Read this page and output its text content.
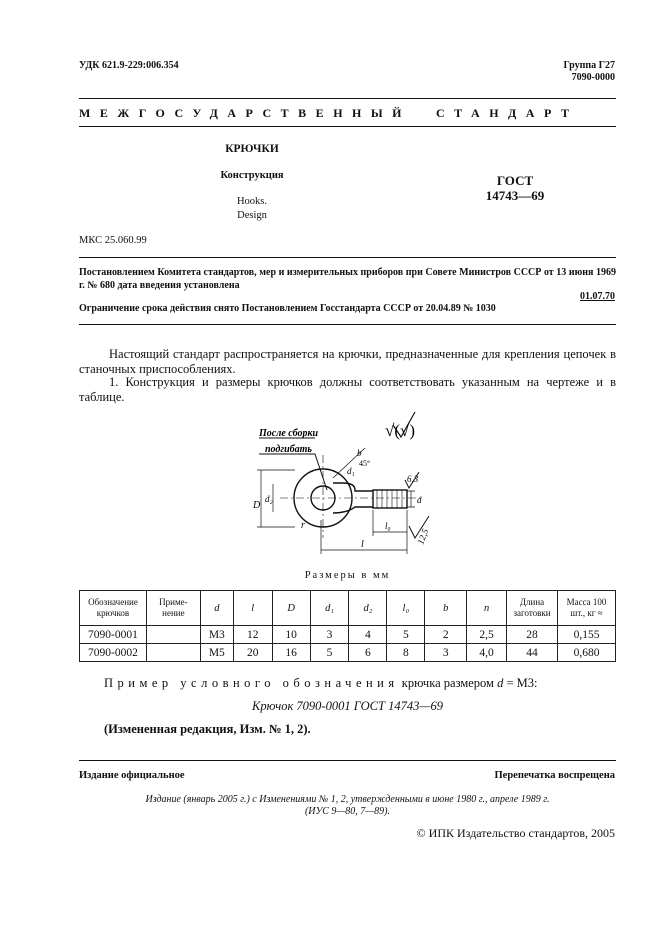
УДК 621.9-229:006.354	Группа Г27
7090-0000
МЕЖГОСУДАРСТВЕННЫЙ  СТАНДАРТ
КРЮЧКИ
Конструкция
Hooks.
Design
ГОСТ
14743—69
МКС 25.060.99
Постановлением Комитета стандартов, мер и измерительных приборов при Совете Министров СССР от 13 июня 1969 г. № 680 дата введения установлена
01.07.70
Ограничение срока действия снято Постановлением Госстандарта СССР от 20.04.89 № 1030
Настоящий стандарт распространяется на крючки, предназначенные для крепления цепочек в станочных приспособлениях.
1. Конструкция и размеры крючков должны соответствовать указанным на чертеже и в таблице.
После сборки
подгибать
√(√)
6,3
12,5
D
d₂
d₁
d
b
r	l₀
l
45°
Размеры в мм
Обозначение крючков	Приме-нение	d	l	D	d₁	d₂	l₀	b	n	Длина заготовки	Масса 100 шт., кг ≈
7090-0001		М3	12	10	3	4	5	2	2,5	28	0,155
7090-0002		М5	20	16	5	6	8	3	4,0	44	0,680
Пример условного обозначения крючка размером d = М3:
Крючок 7090-0001 ГОСТ 14743—69
(Измененная редакция, Изм. № 1, 2).
Издание официальное	Перепечатка воспрещена
Издание (январь 2005 г.) с Изменениями № 1, 2, утвержденными в июне 1980 г., апреле 1989 г.
(ИУС 9—80, 7—89).
© ИПК Издательство стандартов, 2005
